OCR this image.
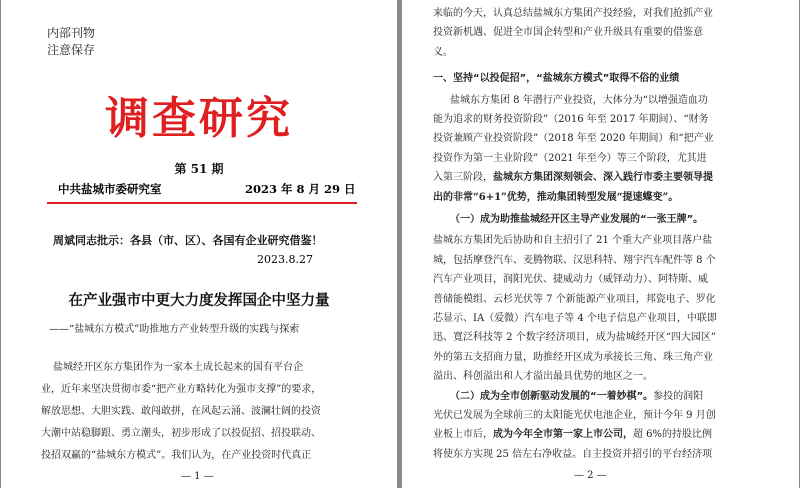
内部刊物
注意保存
调查研究
第 51 期
中共盐城市委研究室	2023 年 8 月 29 日
周斌同志批示：各县（市、区）、各国有企业研究借鉴！
2023.8.27
在产业强市中更大力度发挥国企中坚力量
——“盐城东方模式”助推地方产业转型升级的实践与探索
盐城经开区东方集团作为一家本土成长起来的国有平台企
业，近年来坚决贯彻市委“把产业方略转化为强市支撑”的要求，
解放思想、大胆实践、敢闯敢拼，在风起云涌、波澜壮阔的投资
大潮中站稳脚跟、勇立潮头，初步形成了以投促招、招投联动、
投招双赢的“盐城东方模式”。我们认为，在产业投资时代真正
— 1 —
来临的今天，认真总结盐城东方集团产投经验，对我们抢抓产业
投资新机遇、促进全市国企转型和产业升级具有重要的借鉴意
义。
一、坚持“以投促招”，“盐城东方模式”取得不俗的业绩
盐城东方集团 8 年潜行产业投资，大体分为“以增强造血功
能为追求的财务投资阶段”（2016 年至 2017 年期间）、“财务
投资兼顾产业投资阶段”（2018 年至 2020 年期间）和“把产业
投资作为第一主业阶段”（2021 年至今）等三个阶段，尤其进
入第三阶段，盐城东方集团深刻领会、深入践行市委主要领导提
出的非常“6+1”优势，推动集团转型发展“提速蝶变”。
（一）成为助推盐城经开区主导产业发展的“一张王牌”。
盐城东方集团先后协助和自主招引了 21 个重大产业项目落户盐
城，包括摩登汽车、麦腾物联、汉思科特、翔宇汽车配件等 8 个
汽车产业项目，润阳光伏、捷威动力（威铎动力）、阿特斯、威
普储能模组、云杉光伏等 7 个新能源产业项目，邦瓷电子、罗化
芯显示、IA（爱微）汽车电子等 4 个电子信息产业项目，中联即
迅、寬泛科技等 2 个数字经济项目，成为盐城经开区“四大园区”
外的第五支招商力量，助推经开区成为承接长三角、珠三角产业
溢出、科创溢出和人才溢出最具优势的地区之一。
（二）成为全市创新驱动发展的“一着妙棋”。参投的润阳
光伏已发展为全球前三的太阳能光伏电池企业，预计今年 9 月创
业板上市后，成为今年全市第一家上市公司，超 6%的持股比例
将使东方实现 25 倍左右净收益。自主投资并招引的平台经济项
— 2 —
